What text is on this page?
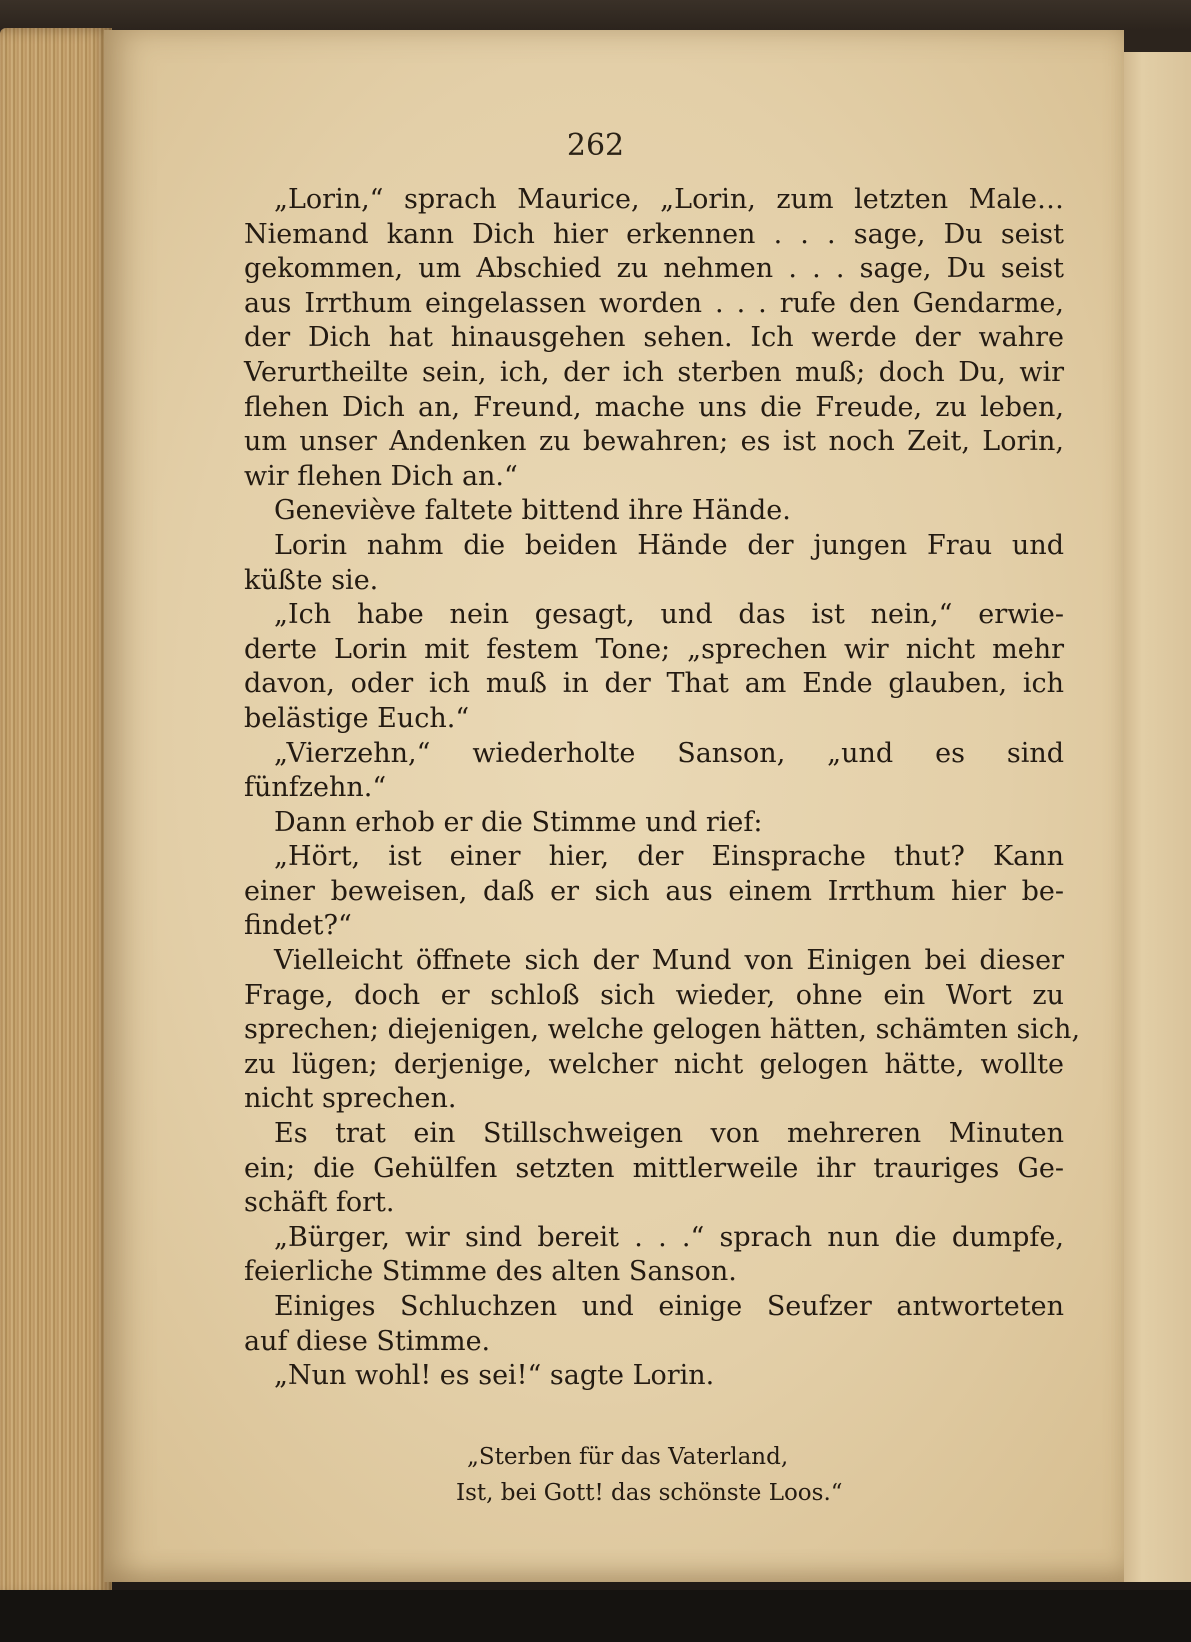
262
„Lorin,“ sprach Maurice, „Lorin, zum letzten Male…
Niemand kann Dich hier erkennen . . . sage, Du seist
gekommen, um Abschied zu nehmen . . . sage, Du seist
aus Irrthum eingelassen worden . . . rufe den Gendarme,
der Dich hat hinausgehen sehen. Ich werde der wahre
Verurtheilte sein, ich, der ich sterben muß; doch Du, wir
flehen Dich an, Freund, mache uns die Freude, zu leben,
um unser Andenken zu bewahren; es ist noch Zeit, Lorin,
wir flehen Dich an.“
Geneviève faltete bittend ihre Hände.
Lorin nahm die beiden Hände der jungen Frau und
küßte sie.
„Ich habe nein gesagt, und das ist nein,“ erwie-
derte Lorin mit festem Tone; „sprechen wir nicht mehr
davon, oder ich muß in der That am Ende glauben, ich
belästige Euch.“
„Vierzehn,“ wiederholte Sanson, „und es sind
fünfzehn.“
Dann erhob er die Stimme und rief:
„Hört, ist einer hier, der Einsprache thut? Kann
einer beweisen, daß er sich aus einem Irrthum hier be-
findet?“
Vielleicht öffnete sich der Mund von Einigen bei dieser
Frage, doch er schloß sich wieder, ohne ein Wort zu
sprechen; diejenigen, welche gelogen hätten, schämten sich,
zu lügen; derjenige, welcher nicht gelogen hätte, wollte
nicht sprechen.
Es trat ein Stillschweigen von mehreren Minuten
ein; die Gehülfen setzten mittlerweile ihr trauriges Ge-
schäft fort.
„Bürger, wir sind bereit . . .“ sprach nun die dumpfe,
feierliche Stimme des alten Sanson.
Einiges Schluchzen und einige Seufzer antworteten
auf diese Stimme.
„Nun wohl! es sei!“ sagte Lorin.
„Sterben für das Vaterland,
Ist, bei Gott! das schönste Loos.“
